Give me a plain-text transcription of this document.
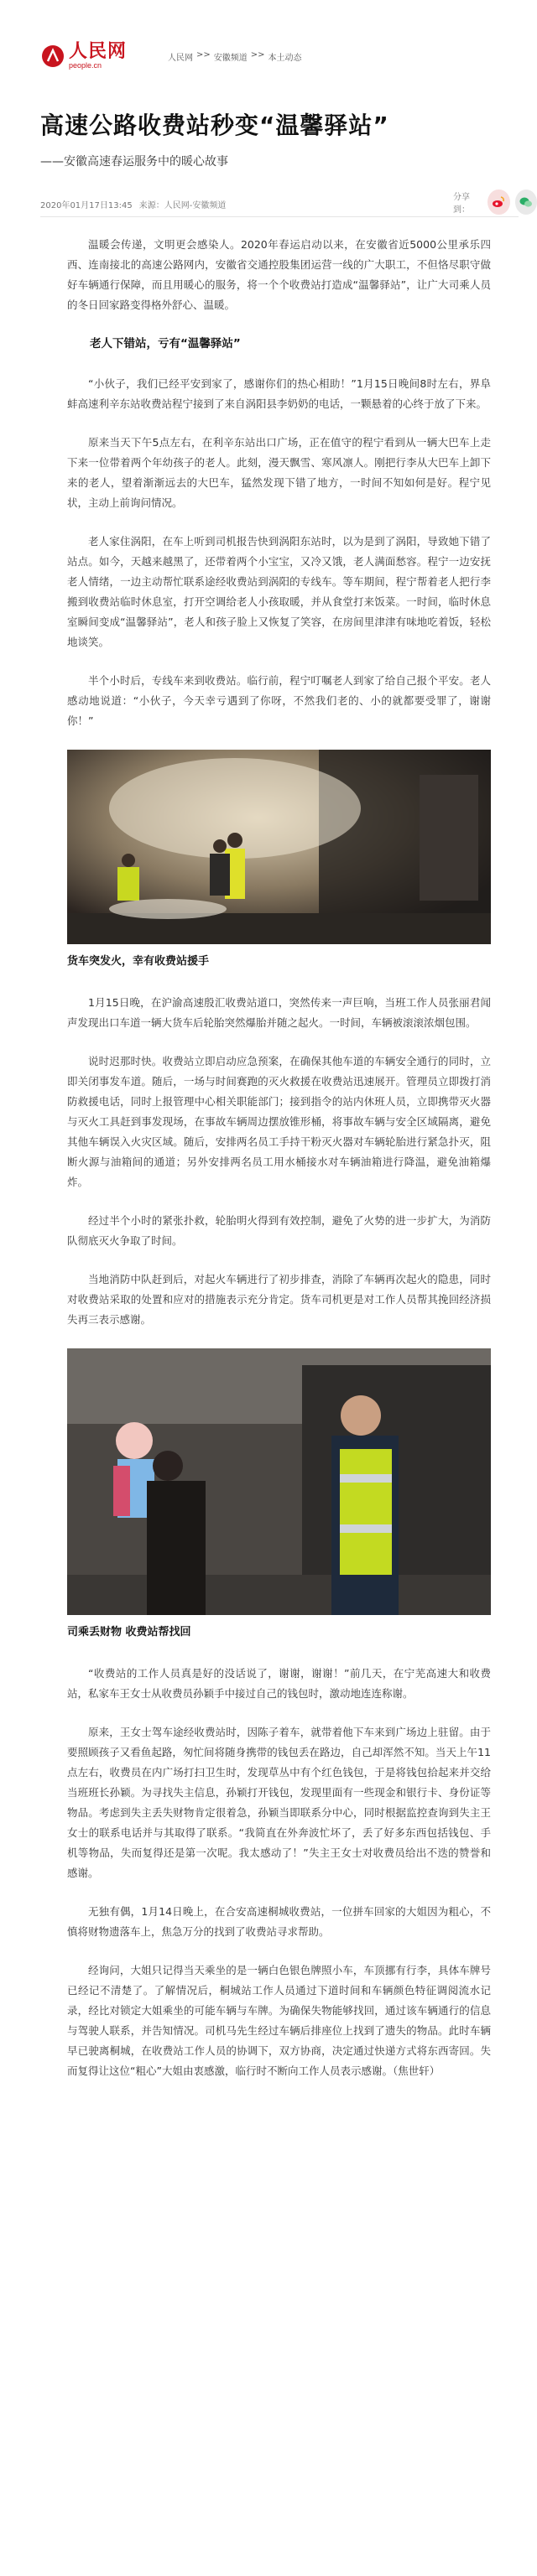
人民网
people.cn
人民网 >> 安徽频道 >> 本土动态
高速公路收费站秒变“温馨驿站”
——安徽高速春运服务中的暖心故事
2020年01月17日13:45 来源：人民网-安徽频道
分享到：

温暖会传递，文明更会感染人。2020年春运启动以来，在安徽省近5000公里承乐四西、连南接北的高速公路网内，安徽省交通控股集团运营一线的广大职工，不但恪尽职守做好车辆通行保障，而且用暖心的服务，将一个个收费站打造成“温馨驿站”，让广大司乘人员的冬日回家路变得格外舒心、温暖。

老人下错站，亏有“温馨驿站”

“小伙子，我们已经平安到家了，感谢你们的热心相助！”1月15日晚间8时左右，界阜蚌高速利辛东站收费站程宁接到了来自涡阳县李奶奶的电话，一颗悬着的心终于放了下来。

原来当天下午5点左右，在利辛东站出口广场，正在值守的程宁看到从一辆大巴车上走下来一位带着两个年幼孩子的老人。此刻，漫天飘雪、寒风凛人。刚把行李从大巴车上卸下来的老人，望着渐渐远去的大巴车，猛然发现下错了地方，一时间不知如何是好。程宁见状，主动上前询问情况。

老人家住涡阳，在车上听到司机报告快到涡阳东站时，以为是到了涡阳，导致她下错了站点。如今，天越来越黑了，还带着两个小宝宝，又冷又饿，老人满面愁容。程宁一边安抚老人情绪，一边主动帮忙联系途经收费站到涡阳的专线车。等车期间，程宁帮着老人把行李搬到收费站临时休息室，打开空调给老人小孩取暖，并从食堂打来饭菜。一时间，临时休息室瞬间变成“温馨驿站”，老人和孩子脸上又恢复了笑容，在房间里津津有味地吃着饭，轻松地谈笑。

半个小时后，专线车来到收费站。临行前，程宁叮嘱老人到家了给自己报个平安。老人感动地说道：“小伙子，今天幸亏遇到了你呀，不然我们老的、小的就都要受罪了，谢谢你！”

货车突发火，幸有收费站援手

1月15日晚，在沪渝高速殷汇收费站道口，突然传来一声巨响，当班工作人员张丽君闻声发现出口车道一辆大货车后轮胎突然爆胎并随之起火。一时间，车辆被滚滚浓烟包围。

说时迟那时快。收费站立即启动应急预案，在确保其他车道的车辆安全通行的同时，立即关闭事发车道。随后，一场与时间赛跑的灭火救援在收费站迅速展开。管理员立即拨打消防救援电话，同时上报管理中心相关职能部门；接到指令的站内休班人员，立即携带灭火器与灭火工具赶到事发现场，在事故车辆周边摆放锥形桶，将事故车辆与安全区域隔离，避免其他车辆误入火灾区域。随后，安排两名员工手持干粉灭火器对车辆轮胎进行紧急扑灭，阻断火源与油箱间的通道；另外安排两名员工用水桶接水对车辆油箱进行降温，避免油箱爆炸。

经过半个小时的紧张扑救，轮胎明火得到有效控制，避免了火势的进一步扩大，为消防队彻底灭火争取了时间。

当地消防中队赶到后，对起火车辆进行了初步排查，消除了车辆再次起火的隐患，同时对收费站采取的处置和应对的措施表示充分肯定。货车司机更是对工作人员帮其挽回经济损失再三表示感谢。

司乘丢财物 收费站帮找回

“收费站的工作人员真是好的没话说了，谢谢，谢谢！”前几天，在宁芜高速大和收费站，私家车王女士从收费员孙颖手中接过自己的钱包时，激动地连连称谢。

原来，王女士驾车途经收费站时，因陈子着车，就带着他下车来到广场边上驻留。由于要照顾孩子又看鱼起路，匆忙间将随身携带的钱包丢在路边，自己却浑然不知。当天上午11点左右，收费员在内广场打扫卫生时，发现草丛中有个红色钱包，于是将钱包拾起来并交给当班班长孙颖。为寻找失主信息，孙颖打开钱包，发现里面有一些现金和银行卡、身份证等物品。考虑到失主丢失财物肯定很着急，孙颖当即联系分中心，同时根据监控查询到失主王女士的联系电话并与其取得了联系。“我简直在外奔波忙坏了，丢了好多东西包括钱包、手机等物品，失而复得还是第一次呢。我太感动了！”失主王女士对收费员给出不迭的赞誉和感谢。

无独有偶，1月14日晚上，在合安高速桐城收费站，一位拼车回家的大姐因为粗心，不慎将财物遗落车上，焦急万分的找到了收费站寻求帮助。

经询问，大姐只记得当天乘坐的是一辆白色银色牌照小车，车顶挪有行李，具体车牌号已经记不清楚了。了解情况后，桐城站工作人员通过下道时间和车辆颜色特征调阅流水记录，经比对锁定大姐乘坐的可能车辆与车牌。为确保失物能够找回，通过该车辆通行的信息与驾驶人联系，并告知情况。司机马先生经过车辆后排座位上找到了遗失的物品。此时车辆早已驶离桐城，在收费站工作人员的协调下，双方协商，决定通过快递方式将东西寄回。失而复得让这位“粗心”大姐由衷感激，临行时不断向工作人员表示感谢。（焦世轩）
